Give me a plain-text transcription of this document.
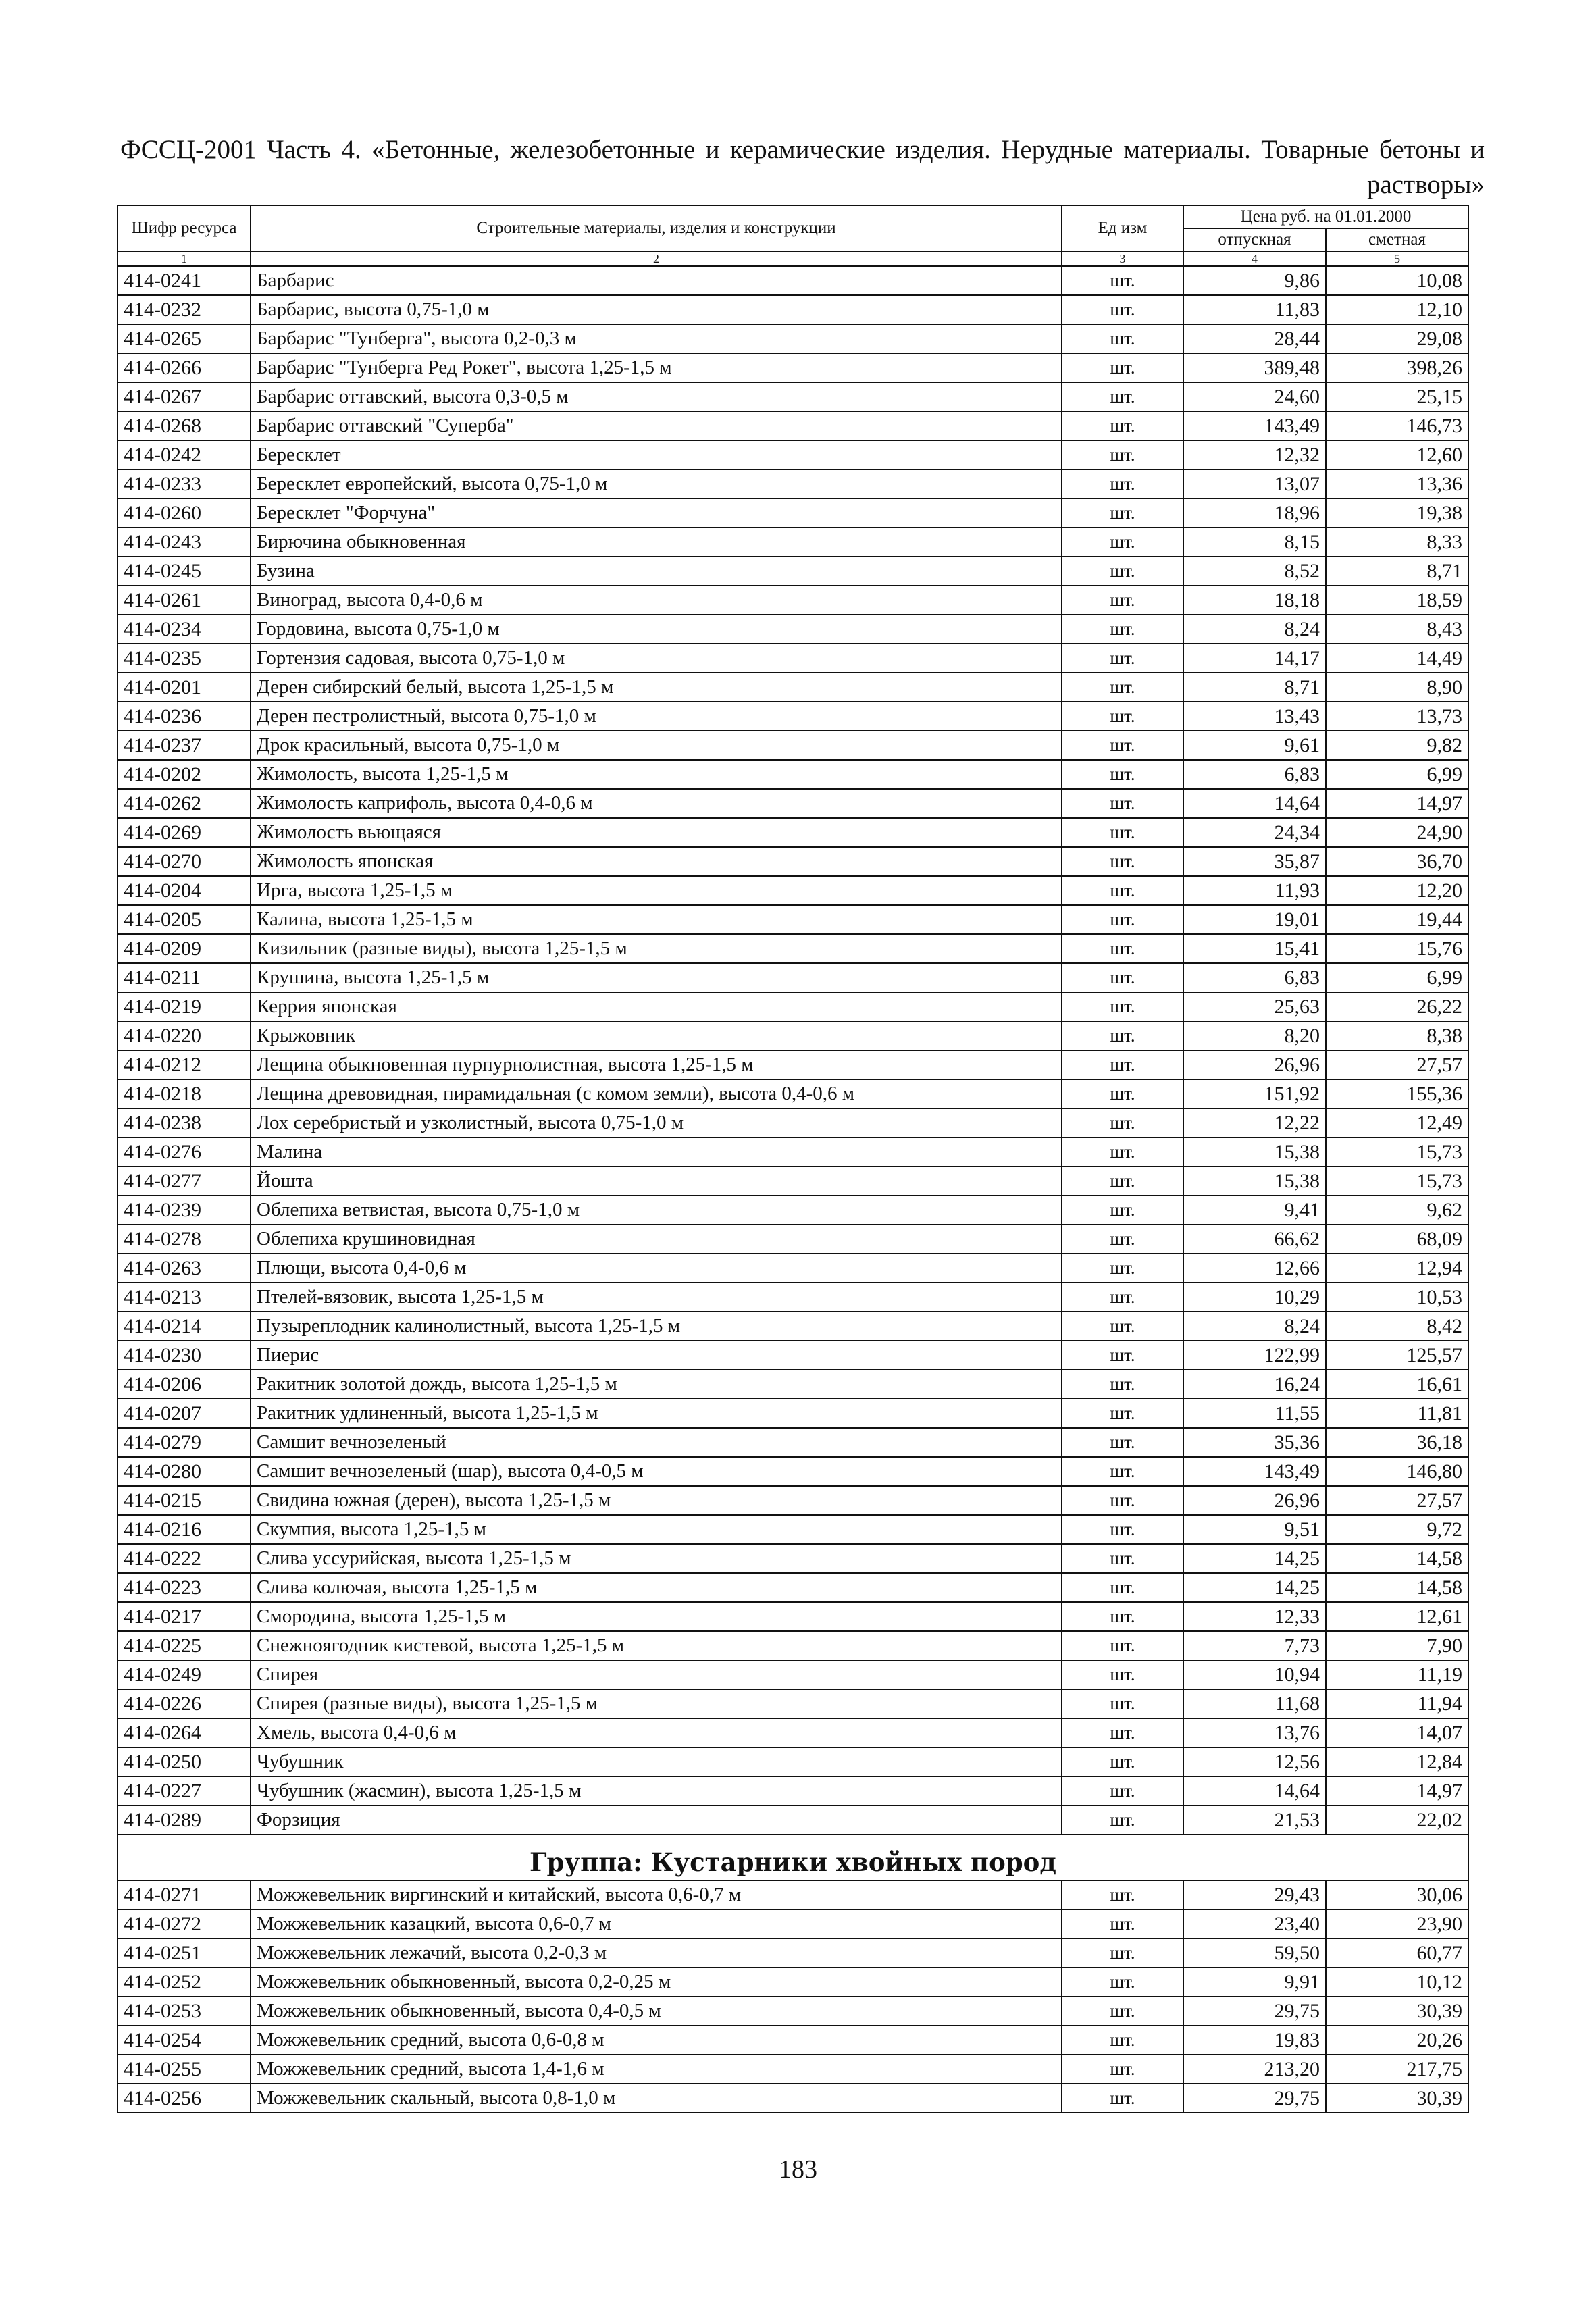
ФССЦ-2001 Часть 4. «Бетонные, железобетонные и керамические изделия. Нерудные материалы. Товарные бетоны и растворы»
Шифр ресурса	Строительные материалы, изделия и конструкции	Ед изм	Цена руб. на 01.01.2000	
			отпускная	сметная
1	2	3	4	5
414-0241	Барбарис	шт.	9,86	10,08
414-0232	Барбарис, высота 0,75-1,0 м	шт.	11,83	12,10
414-0265	Барбарис "Тунберга", высота 0,2-0,3 м	шт.	28,44	29,08
414-0266	Барбарис "Тунберга Ред Рокет", высота 1,25-1,5 м	шт.	389,48	398,26
414-0267	Барбарис оттавский, высота 0,3-0,5 м	шт.	24,60	25,15
414-0268	Барбарис оттавский "Суперба"	шт.	143,49	146,73
414-0242	Бересклет	шт.	12,32	12,60
414-0233	Бересклет европейский, высота 0,75-1,0 м	шт.	13,07	13,36
414-0260	Бересклет "Форчуна"	шт.	18,96	19,38
414-0243	Бирючина обыкновенная	шт.	8,15	8,33
414-0245	Бузина	шт.	8,52	8,71
414-0261	Виноград, высота 0,4-0,6 м	шт.	18,18	18,59
414-0234	Гордовина, высота 0,75-1,0 м	шт.	8,24	8,43
414-0235	Гортензия садовая, высота 0,75-1,0 м	шт.	14,17	14,49
414-0201	Дерен сибирский белый, высота 1,25-1,5 м	шт.	8,71	8,90
414-0236	Дерен пестролистный, высота 0,75-1,0 м	шт.	13,43	13,73
414-0237	Дрок красильный, высота 0,75-1,0 м	шт.	9,61	9,82
414-0202	Жимолость, высота 1,25-1,5 м	шт.	6,83	6,99
414-0262	Жимолость каприфоль, высота 0,4-0,6 м	шт.	14,64	14,97
414-0269	Жимолость вьющаяся	шт.	24,34	24,90
414-0270	Жимолость японская	шт.	35,87	36,70
414-0204	Ирга, высота 1,25-1,5 м	шт.	11,93	12,20
414-0205	Калина, высота 1,25-1,5 м	шт.	19,01	19,44
414-0209	Кизильник (разные виды), высота 1,25-1,5 м	шт.	15,41	15,76
414-0211	Крушина, высота 1,25-1,5 м	шт.	6,83	6,99
414-0219	Керрия японская	шт.	25,63	26,22
414-0220	Крыжовник	шт.	8,20	8,38
414-0212	Лещина обыкновенная пурпурнолистная, высота 1,25-1,5 м	шт.	26,96	27,57
414-0218	Лещина древовидная, пирамидальная (с комом земли), высота 0,4-0,6 м	шт.	151,92	155,36
414-0238	Лох серебристый и узколистный, высота 0,75-1,0 м	шт.	12,22	12,49
414-0276	Малина	шт.	15,38	15,73
414-0277	Йошта	шт.	15,38	15,73
414-0239	Облепиха ветвистая, высота 0,75-1,0 м	шт.	9,41	9,62
414-0278	Облепиха крушиновидная	шт.	66,62	68,09
414-0263	Плющи, высота 0,4-0,6 м	шт.	12,66	12,94
414-0213	Птелей-вязовик, высота 1,25-1,5 м	шт.	10,29	10,53
414-0214	Пузыреплодник калинолистный, высота 1,25-1,5 м	шт.	8,24	8,42
414-0230	Пиерис	шт.	122,99	125,57
414-0206	Ракитник золотой дождь, высота 1,25-1,5 м	шт.	16,24	16,61
414-0207	Ракитник удлиненный, высота 1,25-1,5 м	шт.	11,55	11,81
414-0279	Самшит вечнозеленый	шт.	35,36	36,18
414-0280	Самшит вечнозеленый (шар), высота 0,4-0,5 м	шт.	143,49	146,80
414-0215	Свидина южная (дерен), высота 1,25-1,5 м	шт.	26,96	27,57
414-0216	Скумпия, высота 1,25-1,5 м	шт.	9,51	9,72
414-0222	Слива уссурийская, высота 1,25-1,5 м	шт.	14,25	14,58
414-0223	Слива колючая, высота 1,25-1,5 м	шт.	14,25	14,58
414-0217	Смородина, высота 1,25-1,5 м	шт.	12,33	12,61
414-0225	Снежноягодник кистевой, высота 1,25-1,5 м	шт.	7,73	7,90
414-0249	Спирея	шт.	10,94	11,19
414-0226	Спирея (разные виды), высота 1,25-1,5 м	шт.	11,68	11,94
414-0264	Хмель, высота 0,4-0,6 м	шт.	13,76	14,07
414-0250	Чубушник	шт.	12,56	12,84
414-0227	Чубушник (жасмин), высота 1,25-1,5 м	шт.	14,64	14,97
414-0289	Форзиция	шт.	21,53	22,02
Группа: Кустарники хвойных пород				
414-0271	Можжевельник виргинский и китайский, высота 0,6-0,7 м	шт.	29,43	30,06
414-0272	Можжевельник казацкий, высота 0,6-0,7 м	шт.	23,40	23,90
414-0251	Можжевельник лежачий, высота 0,2-0,3 м	шт.	59,50	60,77
414-0252	Можжевельник обыкновенный, высота 0,2-0,25 м	шт.	9,91	10,12
414-0253	Можжевельник обыкновенный, высота 0,4-0,5 м	шт.	29,75	30,39
414-0254	Можжевельник средний, высота 0,6-0,8 м	шт.	19,83	20,26
414-0255	Можжевельник средний, высота 1,4-1,6 м	шт.	213,20	217,75
414-0256	Можжевельник скальный, высота 0,8-1,0 м	шт.	29,75	30,39
183
